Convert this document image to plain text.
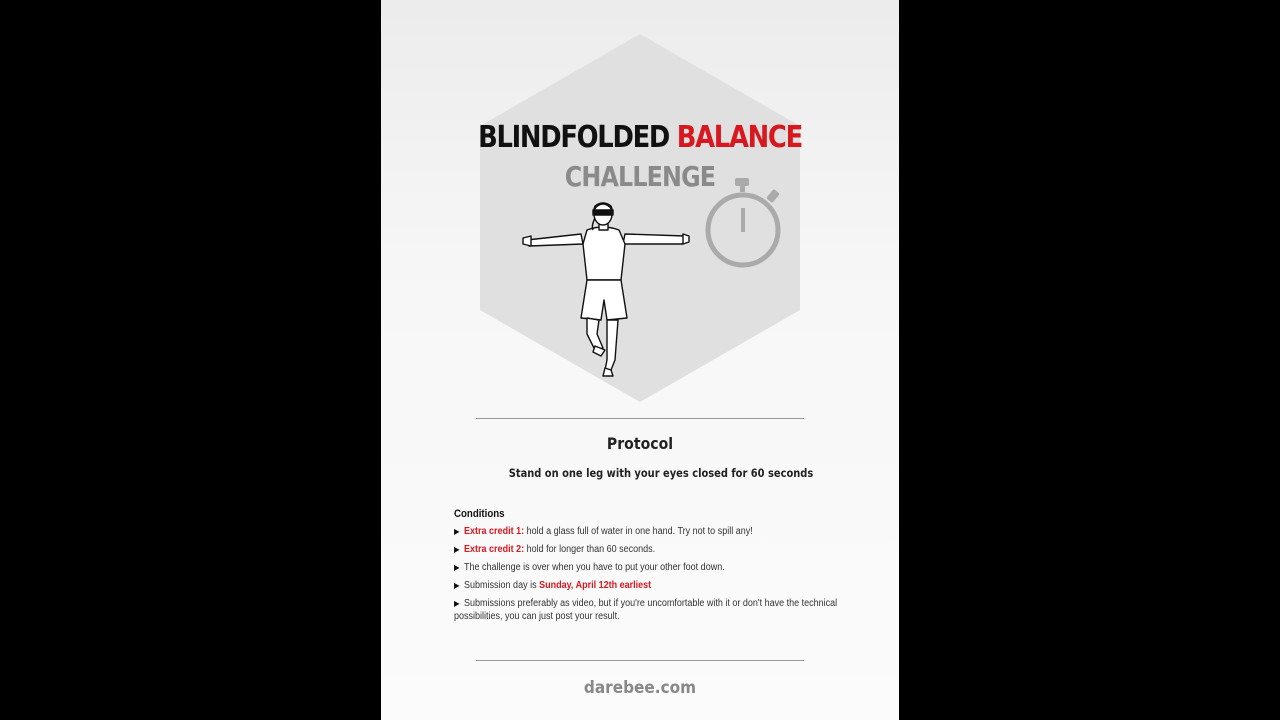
BLINDFOLDED BALANCE
CHALLENGE
Protocol
Stand on one leg with your eyes closed for 60 seconds
Conditions
▶ Extra credit 1: hold a glass full of water in one hand. Try not to spill any!
▶ Extra credit 2: hold for longer than 60 seconds.
▶ The challenge is over when you have to put your other foot down.
▶ Submission day is Sunday, April 12th earliest
▶ Submissions preferably as video, but if you're uncomfortable with it or don't have the technical possibilities, you can just post your result.
darebee.com
